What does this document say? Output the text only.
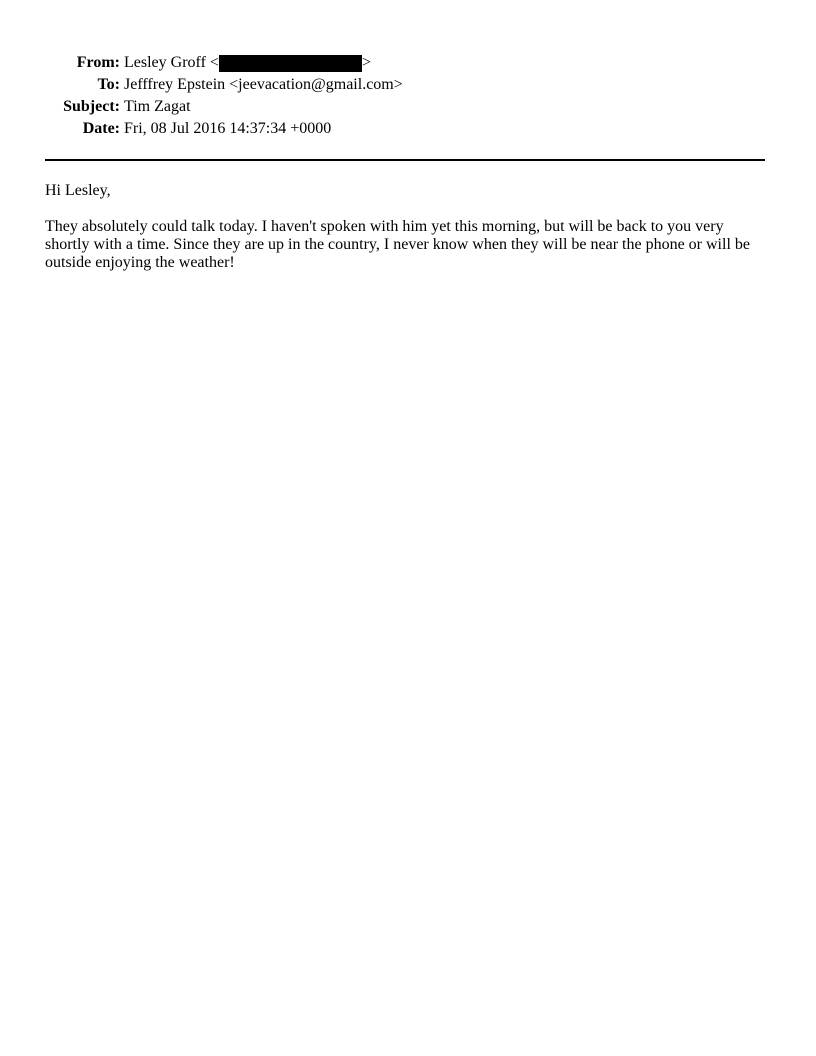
From: Lesley Groff
<	>
To: Jefffrey Epstein <jeevacation@gmail.com>
Subject: Tim Zagat
Date: Fri, 08 Jul 2016 14:37:34 +0000

Hi Lesley,

They absolutely could talk today. I haven't spoken with him yet this morning, but will be back to you very shortly with a time. Since they are up in the country, I never know when they will be near the phone or will be outside enjoying the weather!
